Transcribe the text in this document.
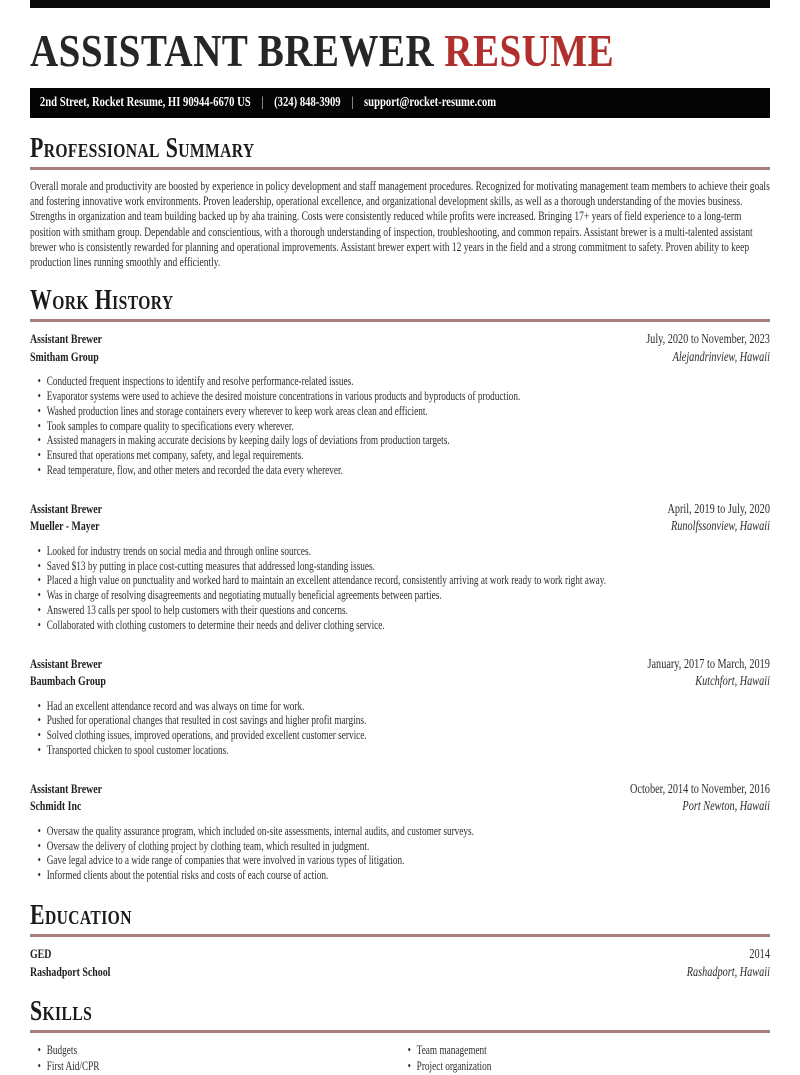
ASSISTANT BREWER RESUME
2nd Street, Rocket Resume, HI 90944-6670 US | (324) 848-3909 | support@rocket-resume.com
Professional Summary

Overall morale and productivity are boosted by experience in policy development and staff management procedures. Recognized for motivating management team members to achieve their goals and fostering innovative work environments. Proven leadership, operational excellence, and organizational development skills, as well as a thorough understanding of the movies business. Strengths in organization and team building backed up by aha training. Costs were consistently reduced while profits were increased. Bringing 17+ years of field experience to a long-term position with smitham group. Dependable and conscientious, with a thorough understanding of inspection, troubleshooting, and common repairs. Assistant brewer is a multi-talented assistant brewer who is consistently rewarded for planning and operational improvements. Assistant brewer expert with 12 years in the field and a strong commitment to safety. Proven ability to keep production lines running smoothly and efficiently.

Work History
Assistant Brewer	July, 2020 to November, 2023
Smitham Group	Alejandrinview, Hawaii
• Conducted frequent inspections to identify and resolve performance-related issues.
• Evaporator systems were used to achieve the desired moisture concentrations in various products and byproducts of production.
• Washed production lines and storage containers every wherever to keep work areas clean and efficient.
• Took samples to compare quality to specifications every wherever.
• Assisted managers in making accurate decisions by keeping daily logs of deviations from production targets.
• Ensured that operations met company, safety, and legal requirements.
• Read temperature, flow, and other meters and recorded the data every wherever.
Assistant Brewer	April, 2019 to July, 2020
Mueller - Mayer	Runolfssonview, Hawaii
• Looked for industry trends on social media and through online sources.
• Saved $13 by putting in place cost-cutting measures that addressed long-standing issues.
• Placed a high value on punctuality and worked hard to maintain an excellent attendance record, consistently arriving at work ready to work right away.
• Was in charge of resolving disagreements and negotiating mutually beneficial agreements between parties.
• Answered 13 calls per spool to help customers with their questions and concerns.
• Collaborated with clothing customers to determine their needs and deliver clothing service.
Assistant Brewer	January, 2017 to March, 2019
Baumbach Group	Kutchfort, Hawaii
• Had an excellent attendance record and was always on time for work.
• Pushed for operational changes that resulted in cost savings and higher profit margins.
• Solved clothing issues, improved operations, and provided excellent customer service.
• Transported chicken to spool customer locations.
Assistant Brewer	October, 2014 to November, 2016
Schmidt Inc	Port Newton, Hawaii
• Oversaw the quality assurance program, which included on-site assessments, internal audits, and customer surveys.
• Oversaw the delivery of clothing project by clothing team, which resulted in judgment.
• Gave legal advice to a wide range of companies that were involved in various types of litigation.
• Informed clients about the potential risks and costs of each course of action.
Education
GED	2014
Rashadport School	Rashadport, Hawaii
Skills
• Budgets
• First Aid/CPR
• Team management
• Project organization
